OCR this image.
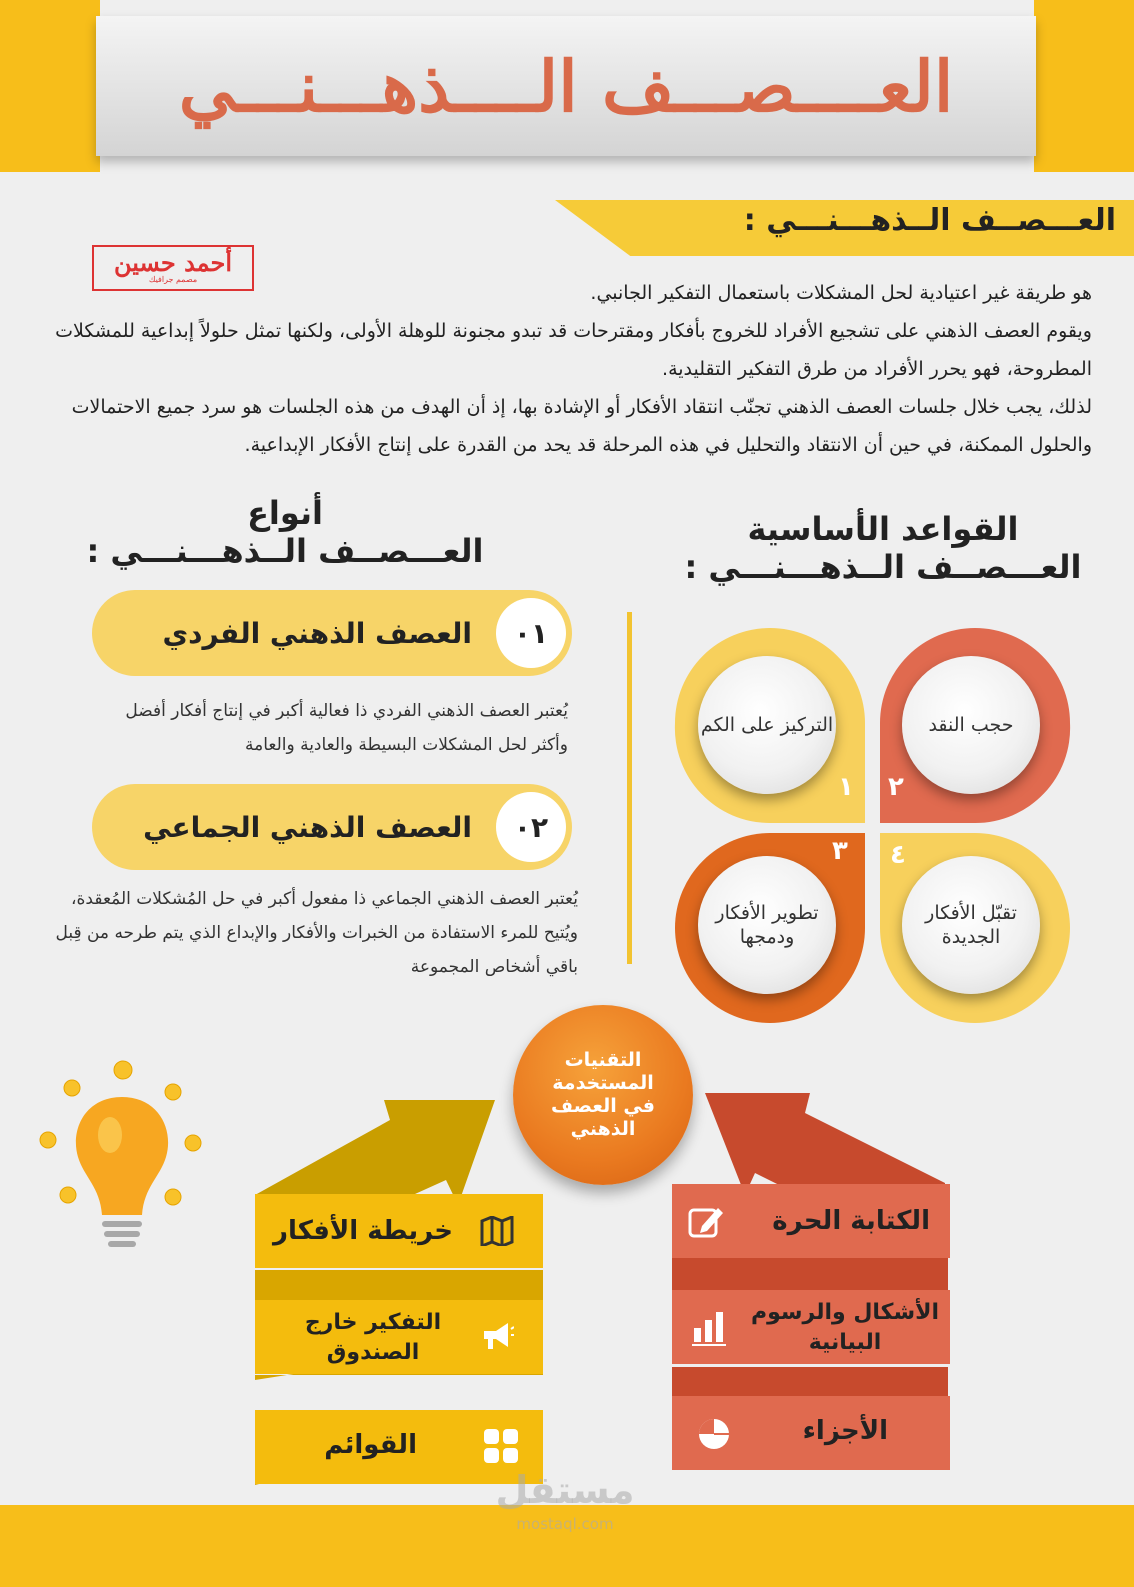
العــــصـــف الــــذهـــنـــي
العـــصــف الــذهـــنـــي :
أحمد حسين
مصمم جرافيك

هو طريقة غير اعتيادية لحل المشكلات باستعمال التفكير الجانبي.

ويقوم العصف الذهني على تشجيع الأفراد للخروج بأفكار ومقترحات قد تبدو مجنونة للوهلة الأولى، ولكنها تمثل حلولاً إبداعية للمشكلات المطروحة، فهو يحرر الأفراد من طرق التفكير التقليدية.

لذلك، يجب خلال جلسات العصف الذهني تجنّب انتقاد الأفكار أو الإشادة بها، إذ أن الهدف من هذه الجلسات هو سرد جميع الاحتمالات والحلول الممكنة، في حين أن الانتقاد والتحليل في هذه المرحلة قد يحد من القدرة على إنتاج الأفكار الإبداعية.

القواعد الأساسية
العـــصــف الــذهـــنـــي :
أنواع
العـــصــف الــذهـــنـــي :
التركيز على الكم	حجب النقد
تطوير الأفكار ودمجها
تقبّل الأفكار الجديدة
١ ٢
٣ ٤
٠١
العصف الذهني الفردي
يُعتبر العصف الذهني الفردي ذا فعالية أكبر في إنتاج أفكار أفضل وأكثر لحل المشكلات البسيطة والعادية والعامة
٠٢
العصف الذهني الجماعي
يُعتبر العصف الذهني الجماعي ذا مفعول أكبر في حل المُشكلات المُعقدة، ويُتيح للمرء الاستفادة من الخبرات والأفكار والإبداع الذي يتم طرحه من قِبل باقي أشخاص المجموعة
التقنيات المستخدمة في العصف الذهني
خريطة الأفكار
التفكير خارج الصندوق
القوائم
الكتابة الحرة
الأشكال والرسوم البيانية
الأجزاء
مستقل
mostaql.com
